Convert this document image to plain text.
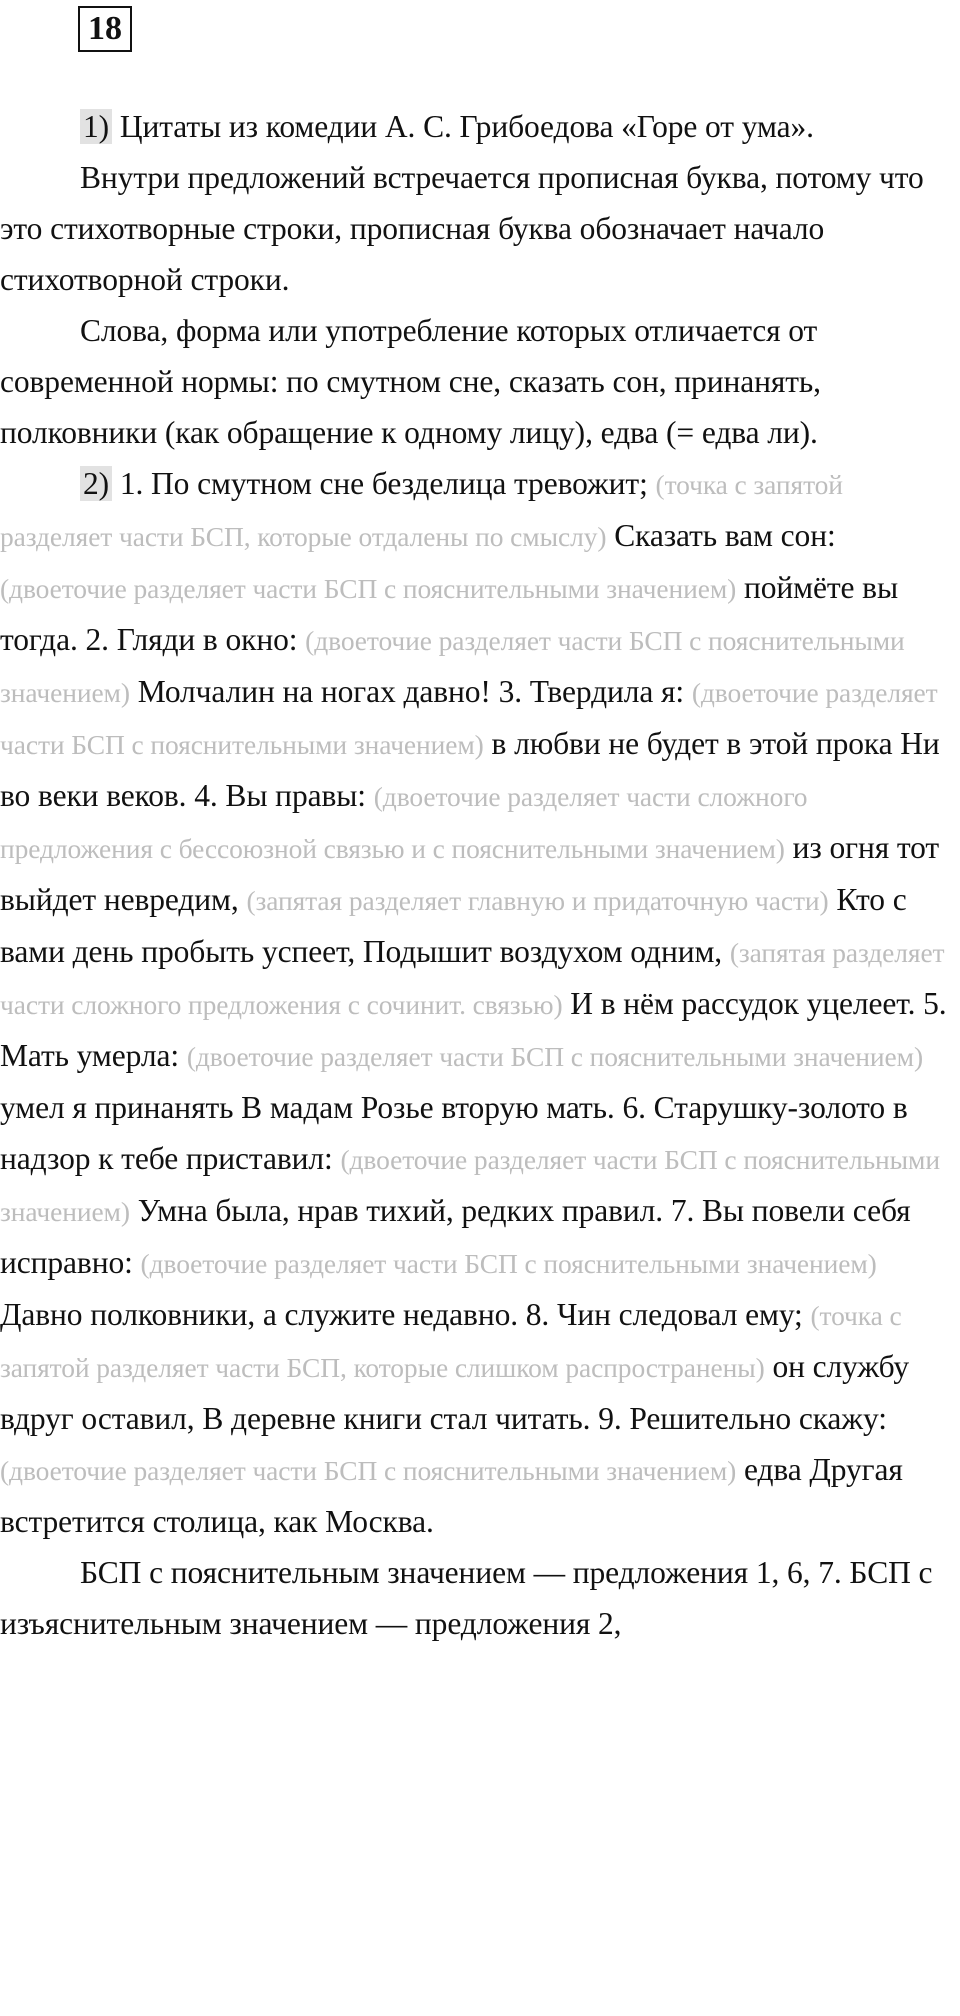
18

1) Цитаты из комедии А. С. Грибоедова «Горе от ума».

Внутри предложений встречается прописная буква, потому что это стихотворные строки, прописная буква обозначает начало стихотворной строки.

Слова, форма или употребление которых отличается от современной нормы: по смутном сне, сказать сон, принанять, полковники (как обращение к одному лицу), едва (= едва ли).

2) 1. По смутном сне безделица тревожит; (точка с запятой разделяет части БСП, которые отдалены по смыслу) Сказать вам сон: (двоеточие разделяет части БСП с пояснительными значением) поймёте вы тогда. 2. Гляди в окно: (двоеточие разделяет части БСП с пояснительными значением) Молчалин на ногах давно! 3. Твердила я: (двоеточие разделяет части БСП с пояснительными значением) в любви не будет в этой прока Ни во веки веков. 4. Вы правы: (двоеточие разделяет части сложного предложения с бессоюзной связью и с пояснительными значением) из огня тот выйдет невредим, (запятая разделяет главную и придаточную части) Кто с вами день пробыть успеет, Подышит воздухом одним, (запятая разделяет части сложного предложения с сочинит. связью) И в нём рассудок уцелеет. 5. Мать умерла: (двоеточие разделяет части БСП с пояснительными значением) умел я принанять В мадам Розье вторую мать. 6. Старушку-золото в надзор к тебе приставил: (двоеточие разделяет части БСП с пояснительными значением) Умна была, нрав тихий, редких правил. 7. Вы повели себя исправно: (двоеточие разделяет части БСП с пояснительными значением) Давно полковники, а служите недавно. 8. Чин следовал ему; (точка с запятой разделяет части БСП, которые слишком распространены) он службу вдруг оставил, В деревне книги стал читать. 9. Решительно скажу: (двоеточие разделяет части БСП с пояснительными значением) едва Другая встретится столица, как Москва.

БСП с пояснительным значением — предложения 1, 6, 7. БСП с изъяснительным значением — предложения 2,
